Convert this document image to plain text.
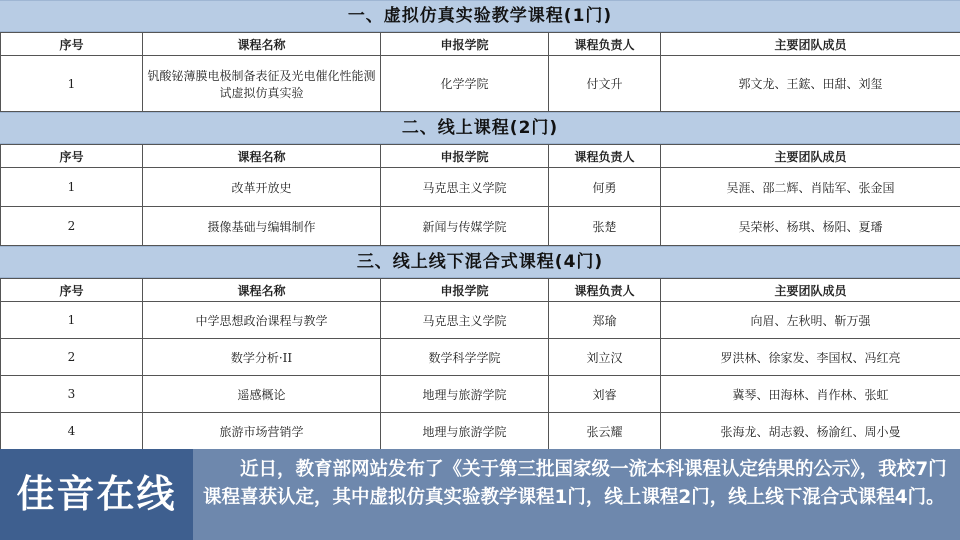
一、虚拟仿真实验教学课程(1门)
序号	课程名称	申报学院	课程负责人	主要团队成员
1	钒酸铋薄膜电极制备表征及光电催化性能测试虚拟仿真实验	化学学院	付文升	郭文龙、王鋐、田甜、刘玺
二、线上课程(2门)
序号	课程名称	申报学院	课程负责人	主要团队成员
1	改革开放史	马克思主义学院	何勇	吴涯、邵二辉、肖陆军、张金国
2	摄像基础与编辑制作	新闻与传媒学院	张楚	吴荣彬、杨琪、杨阳、夏璠
三、线上线下混合式课程(4门)
序号	课程名称	申报学院	课程负责人	主要团队成员
1	中学思想政治课程与教学	马克思主义学院	郑瑜	向眉、左秋明、靳万强
2	数学分析·II	数学科学学院	刘立汉	罗洪林、徐家发、李国权、冯红亮
3	遥感概论	地理与旅游学院	刘睿	冀琴、田海林、肖作林、张虹
4	旅游市场营销学	地理与旅游学院	张云耀	张海龙、胡志毅、杨渝红、周小曼
佳音在线
近日，教育部网站发布了《关于第三批国家级一流本科课程认定结果的公示》，我校7门课程喜获认定，其中虚拟仿真实验教学课程1门，线上课程2门，线上线下混合式课程4门。
